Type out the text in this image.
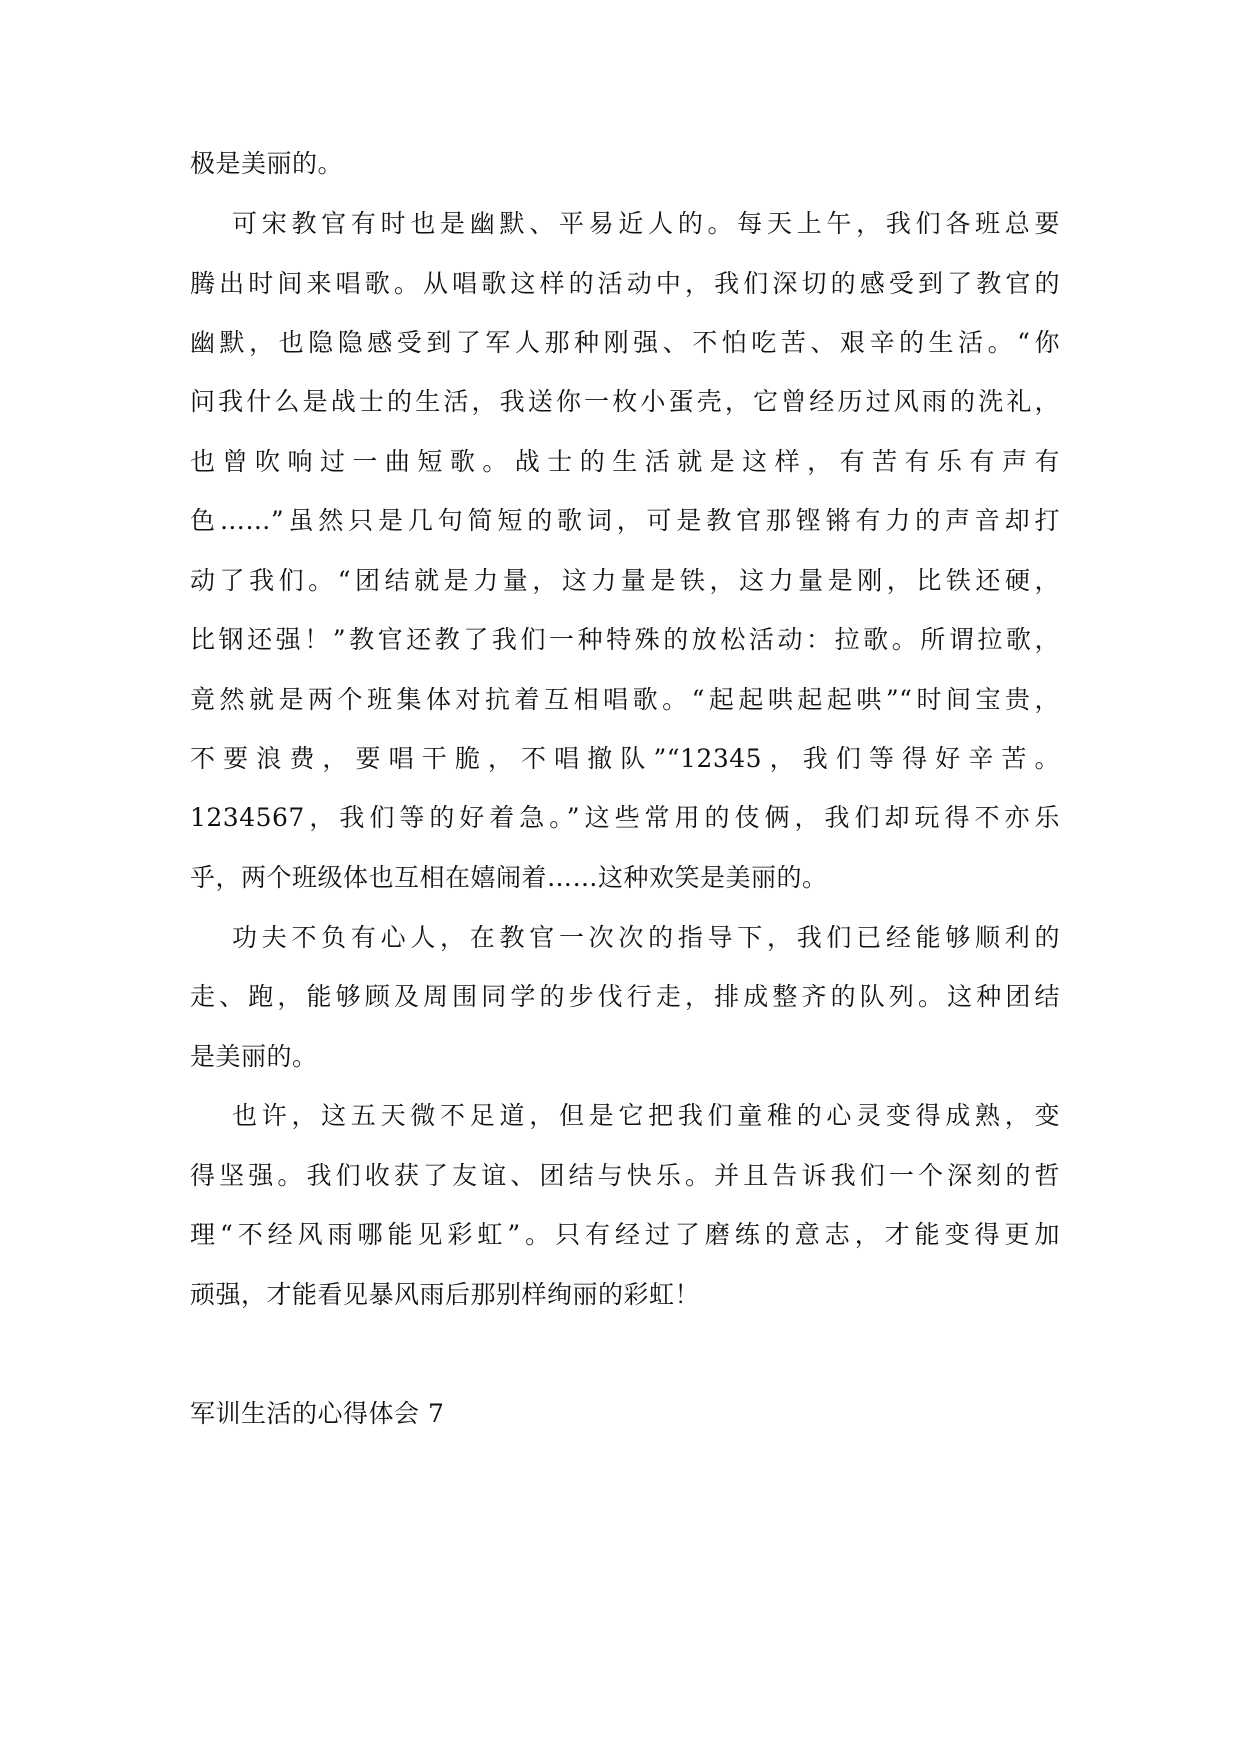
极是美丽的。
可宋教官有时也是幽默、平易近人的。每天上午，我们各班总要
腾出时间来唱歌。从唱歌这样的活动中，我们深切的感受到了教官的
幽默，也隐隐感受到了军人那种刚强、不怕吃苦、艰辛的生活。“你
问我什么是战士的生活，我送你一枚小蛋壳，它曾经历过风雨的洗礼，
也曾吹响过一曲短歌。战士的生活就是这样，有苦有乐有声有
色……”虽然只是几句简短的歌词，可是教官那铿锵有力的声音却打
动了我们。“团结就是力量，这力量是铁，这力量是刚，比铁还硬，
比钢还强！”教官还教了我们一种特殊的放松活动：拉歌。所谓拉歌，
竟然就是两个班集体对抗着互相唱歌。“起起哄起起哄”“时间宝贵，
不要浪费，要唱干脆，不唱撤队”“12345，我们等得好辛苦。
1234567，我们等的好着急。”这些常用的伎俩，我们却玩得不亦乐
乎，两个班级体也互相在嬉闹着……这种欢笑是美丽的。
功夫不负有心人，在教官一次次的指导下，我们已经能够顺利的
走、跑，能够顾及周围同学的步伐行走，排成整齐的队列。这种团结
是美丽的。
也许，这五天微不足道，但是它把我们童稚的心灵变得成熟，变
得坚强。我们收获了友谊、团结与快乐。并且告诉我们一个深刻的哲
理“不经风雨哪能见彩虹”。只有经过了磨练的意志，才能变得更加
顽强，才能看见暴风雨后那别样绚丽的彩虹！
军训生活的心得体会 7
